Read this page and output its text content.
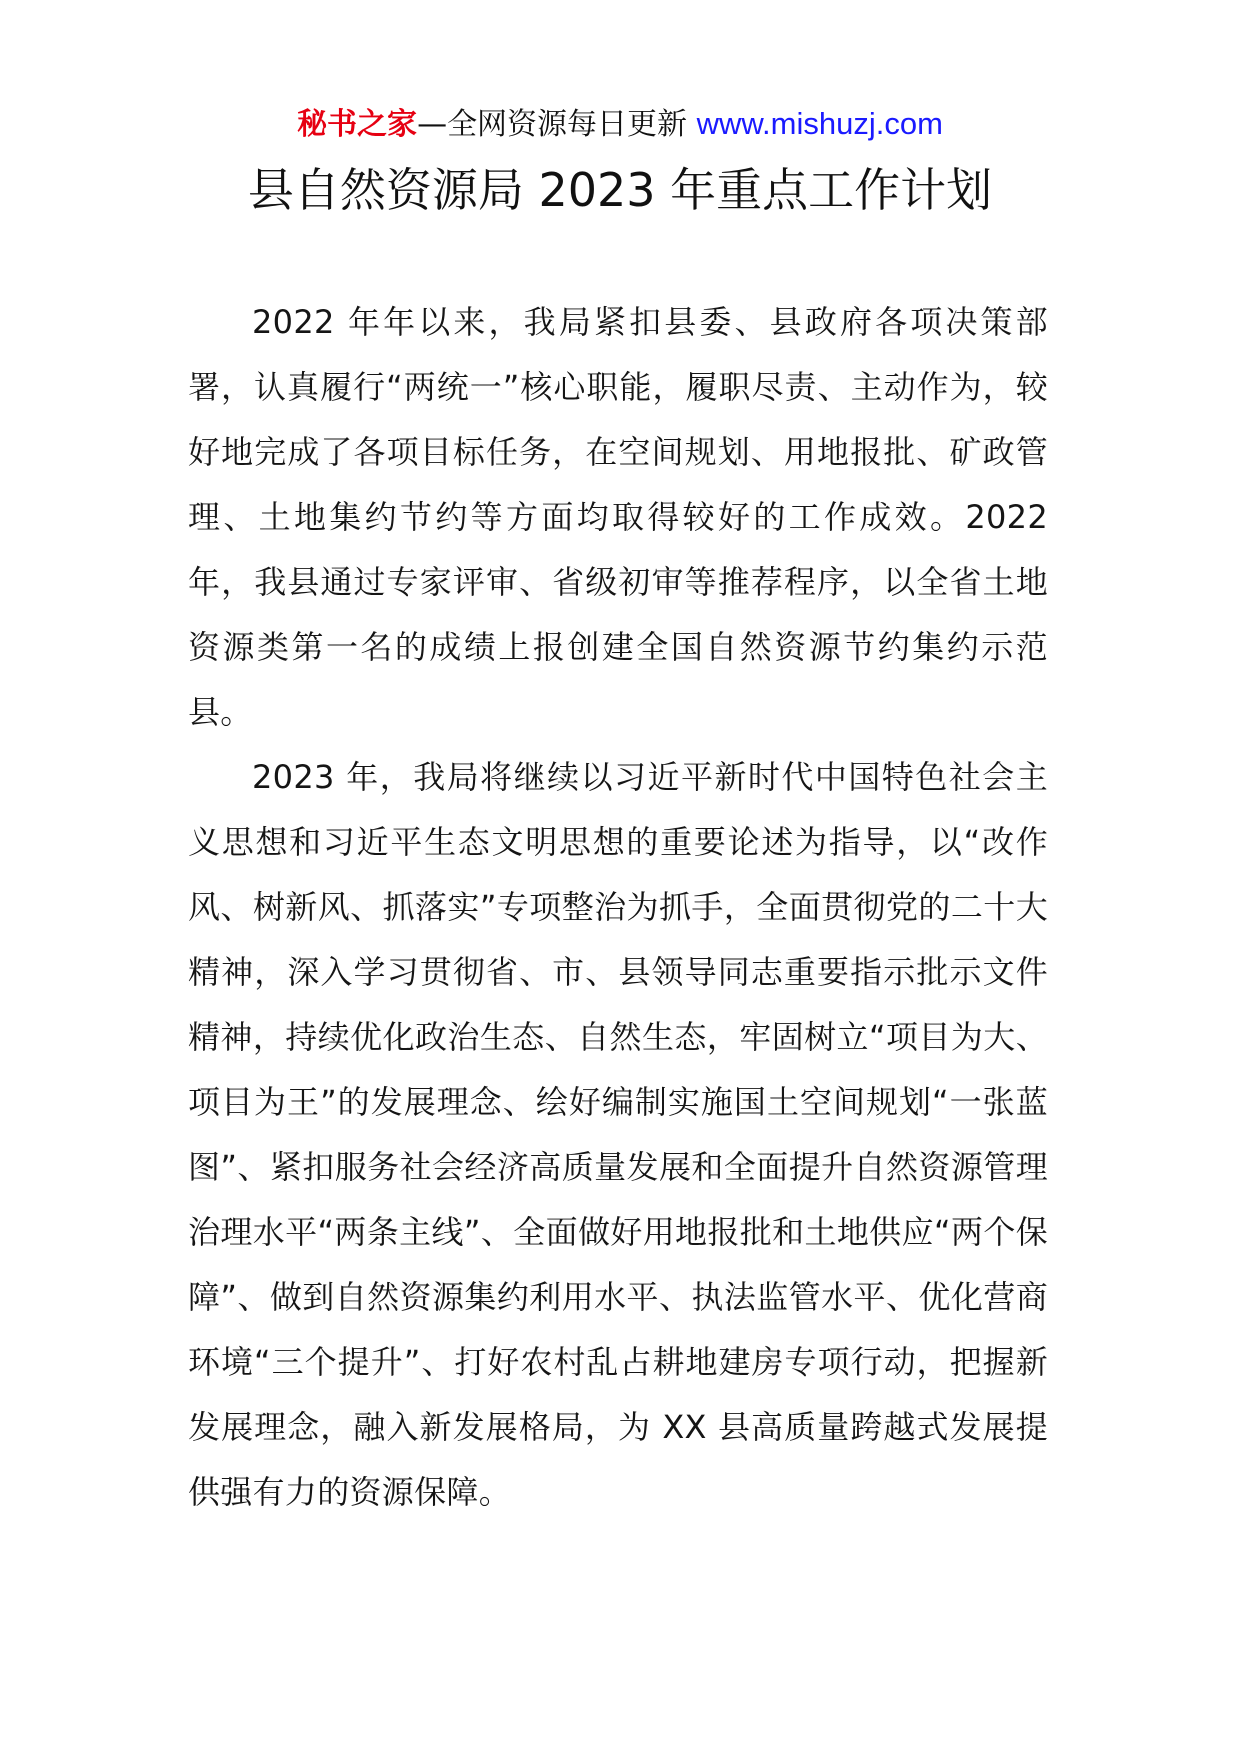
秘书之家—全网资源每日更新 www.mishuzj.com
县自然资源局 2023 年重点工作计划

2022 年年以来，我局紧扣县委、县政府各项决策部署，认真履行“两统一”核心职能，履职尽责、主动作为，较好地完成了各项目标任务，在空间规划、用地报批、矿政管理、土地集约节约等方面均取得较好的工作成效。2022 年，我县通过专家评审、省级初审等推荐程序，以全省土地资源类第一名的成绩上报创建全国自然资源节约集约示范县。

2023 年，我局将继续以习近平新时代中国特色社会主义思想和习近平生态文明思想的重要论述为指导，以“改作风、树新风、抓落实”专项整治为抓手，全面贯彻党的二十大精神，深入学习贯彻省、市、县领导同志重要指示批示文件精神，持续优化政治生态、自然生态，牢固树立“项目为大、项目为王”的发展理念、绘好编制实施国土空间规划“一张蓝图”、紧扣服务社会经济高质量发展和全面提升自然资源管理治理水平“两条主线”、全面做好用地报批和土地供应“两个保障”、做到自然资源集约利用水平、执法监管水平、优化营商环境“三个提升”、打好农村乱占耕地建房专项行动，把握新发展理念，融入新发展格局，为 XX 县高质量跨越式发展提供强有力的资源保障。
